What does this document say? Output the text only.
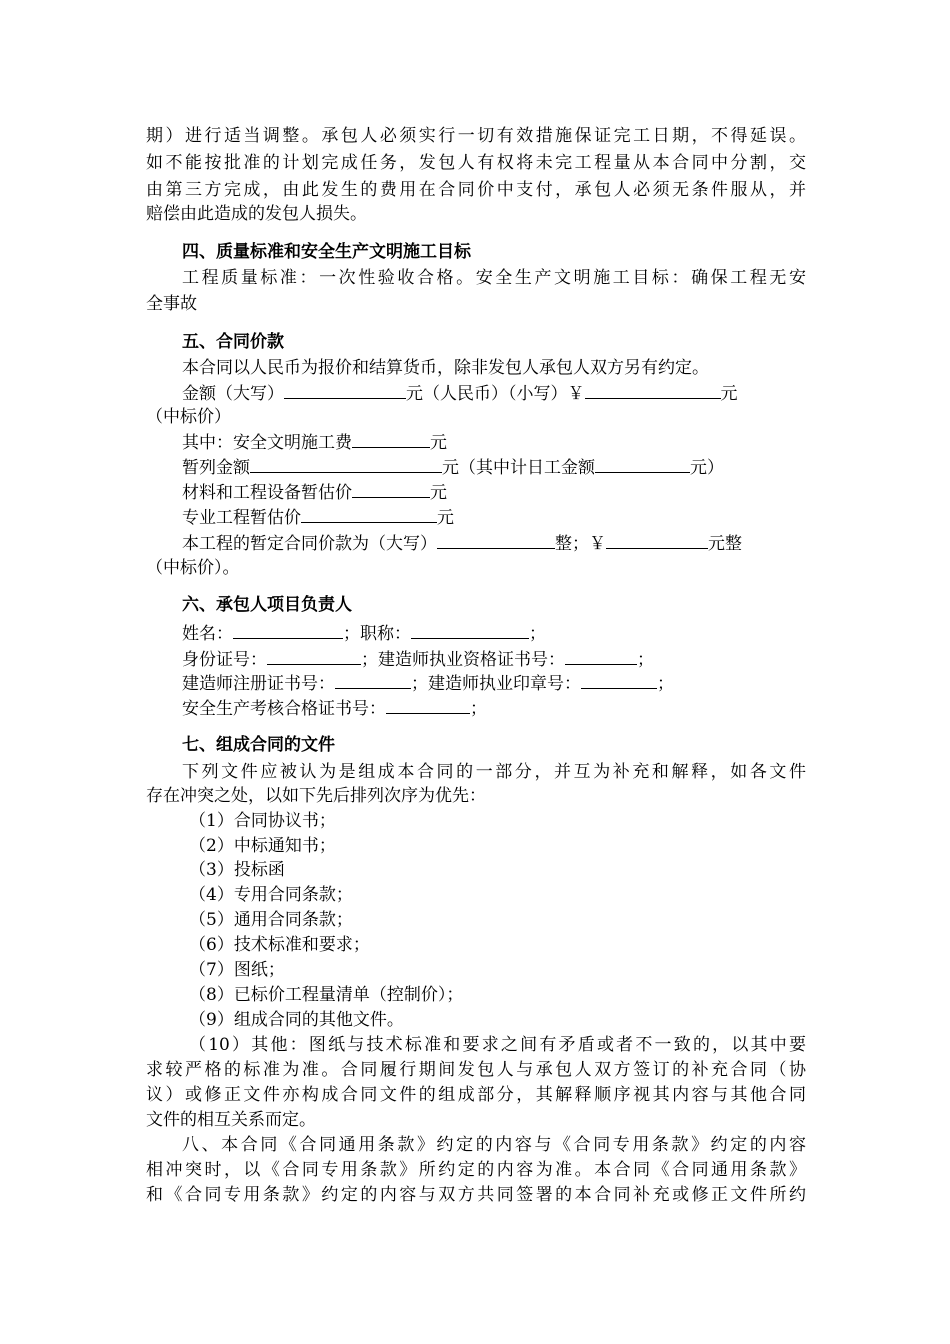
期）进行适当调整。承包人必须实行一切有效措施保证完工日期，不得延误。
如不能按批准的计划完成任务，发包人有权将未完工程量从本合同中分割，交
由第三方完成，由此发生的费用在合同价中支付，承包人必须无条件服从，并
赔偿由此造成的发包人损失。
四、质量标准和安全生产文明施工目标
工程质量标准：一次性验收合格。安全生产文明施工目标：确保工程无安
全事故
五、合同价款
本合同以人民币为报价和结算货币，除非发包人承包人双方另有约定。
金额（大写）	元（人民币）（小写）￥	元
（中标价）
其中：安全文明施工费	元
暂列金额	元（其中计日工金额	元）
材料和工程设备暂估价	元
专业工程暂估价	元
本工程的暂定合同价款为（大写）	整；￥	元整
（中标价）。
六、承包人项目负责人
姓名：	；职称：	；
身份证号：	；建造师执业资格证书号：	；
建造师注册证书号：	；建造师执业印章号：	；
安全生产考核合格证书号：	；
七、组成合同的文件
下列文件应被认为是组成本合同的一部分，并互为补充和解释，如各文件
存在冲突之处，以如下先后排列次序为优先：
（1）合同协议书；
（2）中标通知书；
（3）投标函
（4）专用合同条款；
（5）通用合同条款；
（6）技术标准和要求；
（7）图纸；
（8）已标价工程量清单（控制价）；
（9）组成合同的其他文件。
（10）其他：图纸与技术标准和要求之间有矛盾或者不一致的，以其中要
求较严格的标准为准。合同履行期间发包人与承包人双方签订的补充合同（协
议）或修正文件亦构成合同文件的组成部分，其解释顺序视其内容与其他合同
文件的相互关系而定。
八、本合同《合同通用条款》约定的内容与《合同专用条款》约定的内容
相冲突时，以《合同专用条款》所约定的内容为准。本合同《合同通用条款》
和《合同专用条款》约定的内容与双方共同签署的本合同补充或修正文件所约
